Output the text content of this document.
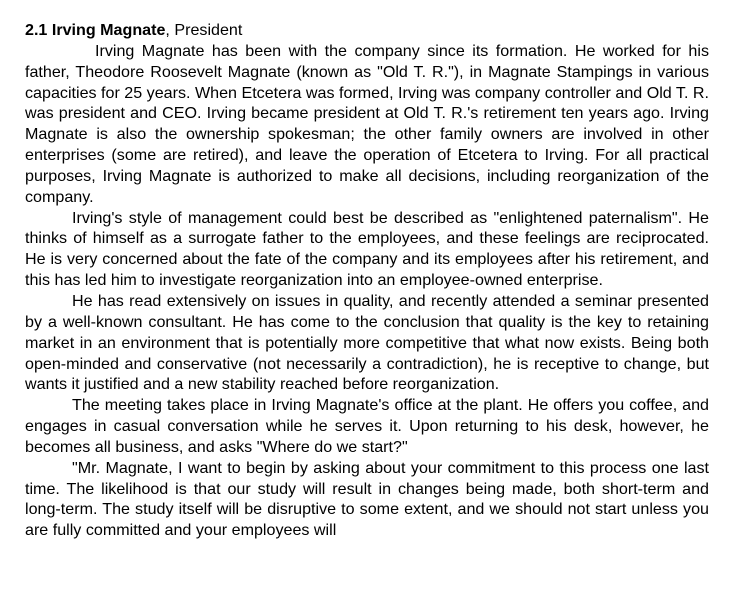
2.1 Irving Magnate, President

Irving Magnate has been with the company since its formation. He worked for his father, Theodore Roosevelt Magnate (known as "Old T. R."), in Magnate Stampings in various capacities for 25 years. When Etcetera was formed, Irving was company controller and Old T. R. was president and CEO. Irving became president at Old T. R.'s retirement ten years ago. Irving Magnate is also the ownership spokesman; the other family owners are involved in other enterprises (some are retired), and leave the operation of Etcetera to Irving. For all practical purposes, Irving Magnate is authorized to make all decisions, including reorganization of the company.

Irving's style of management could best be described as "enlightened paternalism". He thinks of himself as a surrogate father to the employees, and these feelings are reciprocated. He is very concerned about the fate of the company and its employees after his retirement, and this has led him to investigate reorganization into an employee-owned enterprise.

He has read extensively on issues in quality, and recently attended a seminar presented by a well-known consultant. He has come to the conclusion that quality is the key to retaining market in an environment that is potentially more competitive that what now exists. Being both open-minded and conservative (not necessarily a contradiction), he is receptive to change, but wants it justified and a new stability reached before reorganization.

The meeting takes place in Irving Magnate's office at the plant. He offers you coffee, and engages in casual conversation while he serves it. Upon returning to his desk, however, he becomes all business, and asks "Where do we start?"

"Mr. Magnate, I want to begin by asking about your commitment to this process one last time. The likelihood is that our study will result in changes being made, both short-term and long-term. The study itself will be disruptive to some extent, and we should not start unless you are fully committed and your employees will
